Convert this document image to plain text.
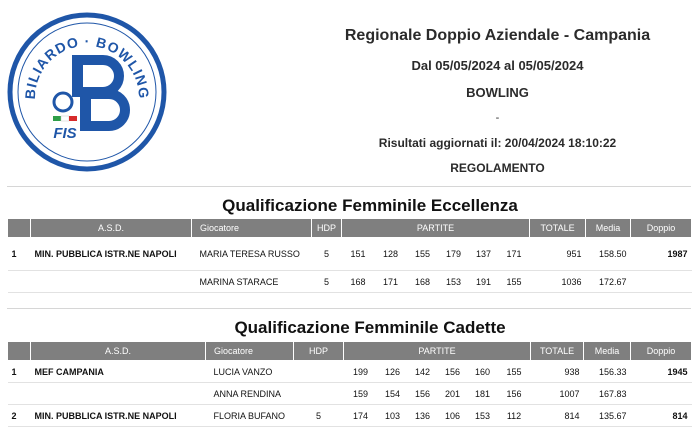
BILIARDO · BOWLING
FIS
Regionale Doppio Aziendale - Campania
Dal 05/05/2024 al 05/05/2024
BOWLING
-
Risultati aggiornati il: 20/04/2024 18:10:22
REGOLAMENTO
Qualificazione Femminile Eccellenza
	A.S.D.	Giocatore	HDP	PARTITE						TOTALE	Media	Doppio
1	MIN. PUBBLICA ISTR.NE NAPOLI	MARIA TERESA RUSSO	5	151	128	155	179	137	171	951	158.50	1987
		MARINA STARACE	5	168	171	168	153	191	155	1036	172.67	
Qualificazione Femminile Cadette
	A.S.D.	Giocatore	HDP	PARTITE						TOTALE	Media	Doppio
1	MEF CAMPANIA	LUCIA VANZO		199	126	142	156	160	155	938	156.33	1945
		ANNA RENDINA		159	154	156	201	181	156	1007	167.83	
2	MIN. PUBBLICA ISTR.NE NAPOLI	FLORIA BUFANO	5	174	103	136	106	153	112	814	135.67	814
